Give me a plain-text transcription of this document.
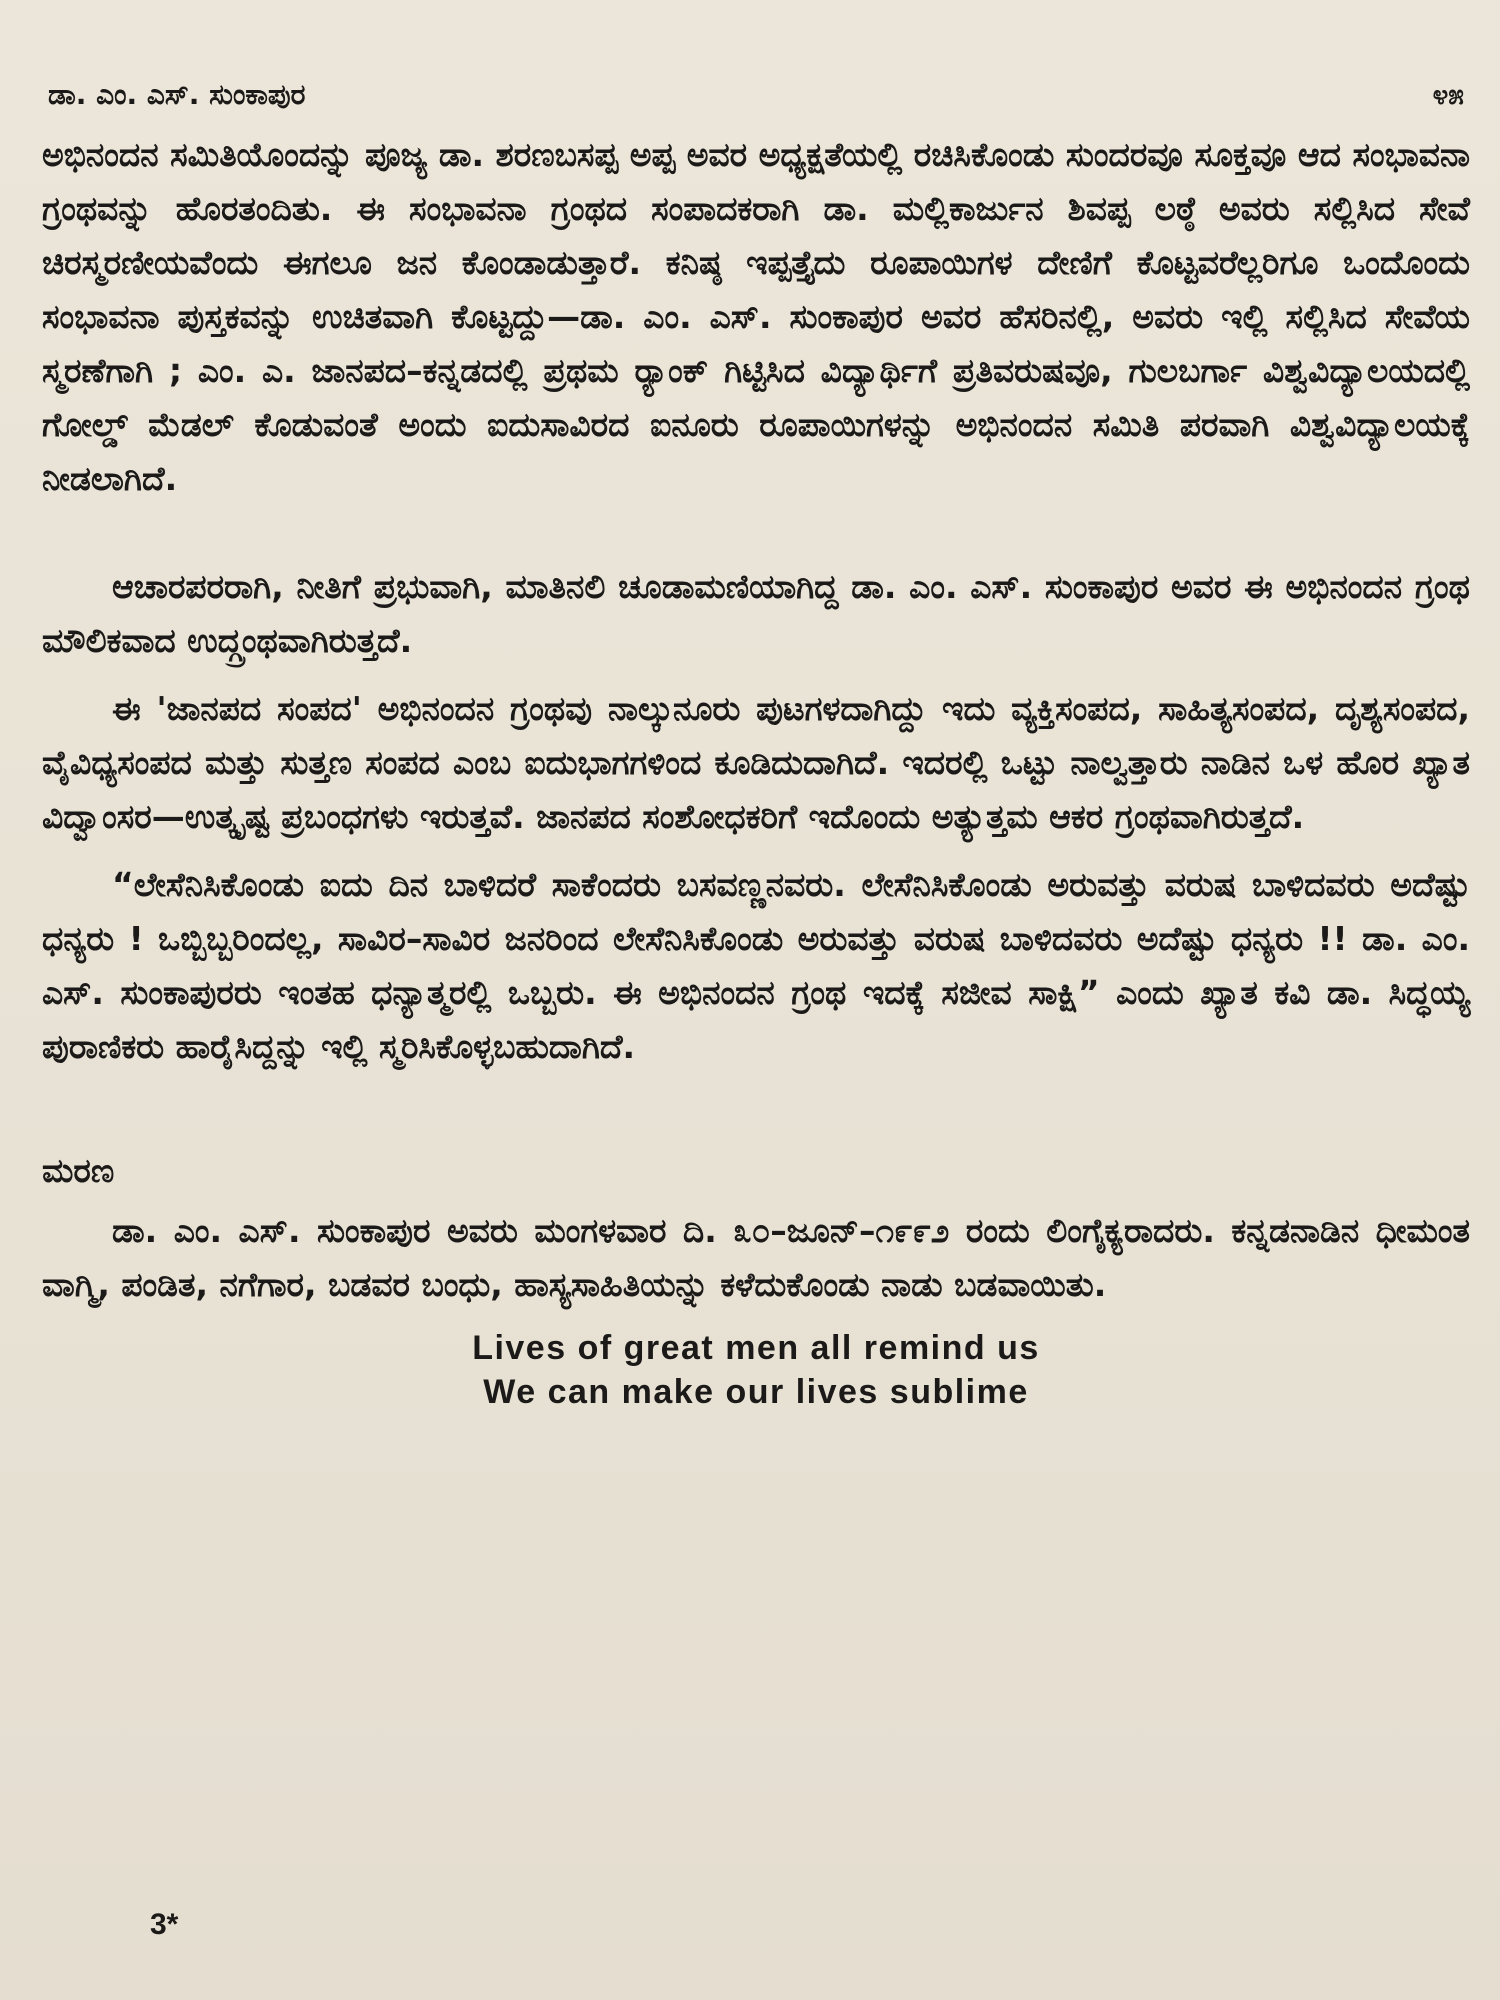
ಡಾ. ಎಂ. ಎಸ್. ಸುಂಕಾಪುರ	೪೫

ಅಭಿನಂದನ ಸಮಿತಿಯೊಂದನ್ನು ಪೂಜ್ಯ ಡಾ. ಶರಣಬಸಪ್ಪ ಅಪ್ಪ ಅವರ ಅಧ್ಯಕ್ಷತೆಯಲ್ಲಿ ರಚಿಸಿಕೊಂಡು ಸುಂದರವೂ ಸೂಕ್ತವೂ ಆದ ಸಂಭಾವನಾ ಗ್ರಂಥವನ್ನು ಹೊರತಂದಿತು. ಈ ಸಂಭಾವನಾ ಗ್ರಂಥದ ಸಂಪಾದಕರಾಗಿ ಡಾ. ಮಲ್ಲಿಕಾರ್ಜುನ ಶಿವಪ್ಪ ಲಠ್ಠೆ ಅವರು ಸಲ್ಲಿಸಿದ ಸೇವೆ ಚಿರಸ್ಮರಣೀಯವೆಂದು ಈಗಲೂ ಜನ ಕೊಂಡಾಡುತ್ತಾರೆ. ಕನಿಷ್ಠ ಇಪ್ಪತ್ತೈದು ರೂಪಾಯಿಗಳ ದೇಣಿಗೆ ಕೊಟ್ಟವರೆಲ್ಲರಿಗೂ ಒಂದೊಂದು ಸಂಭಾವನಾ ಪುಸ್ತಕವನ್ನು ಉಚಿತವಾಗಿ ಕೊಟ್ಟದ್ದು—ಡಾ. ಎಂ. ಎಸ್. ಸುಂಕಾಪುರ ಅವರ ಹೆಸರಿನಲ್ಲಿ, ಅವರು ಇಲ್ಲಿ ಸಲ್ಲಿಸಿದ ಸೇವೆಯ ಸ್ಮರಣೆಗಾಗಿ ; ಎಂ. ಎ. ಜಾನಪದ–ಕನ್ನಡದಲ್ಲಿ ಪ್ರಥಮ ರ್‍ಯಾಂಕ್ ಗಿಟ್ಟಿಸಿದ ವಿದ್ಯಾರ್ಥಿಗೆ ಪ್ರತಿವರುಷವೂ, ಗುಲಬರ್ಗಾ ವಿಶ್ವವಿದ್ಯಾಲಯದಲ್ಲಿ ಗೋಲ್ಡ್ ಮೆಡಲ್ ಕೊಡುವಂತೆ ಅಂದು ಐದುಸಾವಿರದ ಐನೂರು ರೂಪಾಯಿಗಳನ್ನು ಅಭಿನಂದನ ಸಮಿತಿ ಪರವಾಗಿ ವಿಶ್ವವಿದ್ಯಾಲಯಕ್ಕೆ ನೀಡಲಾಗಿದೆ.

ಆಚಾರಪರರಾಗಿ, ನೀತಿಗೆ ಪ್ರಭುವಾಗಿ, ಮಾತಿನಲಿ ಚೂಡಾಮಣಿಯಾಗಿದ್ದ ಡಾ. ಎಂ. ಎಸ್. ಸುಂಕಾಪುರ ಅವರ ಈ ಅಭಿನಂದನ ಗ್ರಂಥ ಮೌಲಿಕವಾದ ಉದ್ಗ್ರಂಥವಾಗಿರುತ್ತದೆ.

ಈ 'ಜಾನಪದ ಸಂಪದ' ಅಭಿನಂದನ ಗ್ರಂಥವು ನಾಲ್ಕುನೂರು ಪುಟಗಳದಾಗಿದ್ದು ಇದು ವ್ಯಕ್ತಿಸಂಪದ, ಸಾಹಿತ್ಯಸಂಪದ, ದೃಶ್ಯಸಂಪದ, ವೈವಿಧ್ಯಸಂಪದ ಮತ್ತು ಸುತ್ತಣ ಸಂಪದ ಎಂಬ ಐದುಭಾಗಗಳಿಂದ ಕೂಡಿದುದಾಗಿದೆ. ಇದರಲ್ಲಿ ಒಟ್ಟು ನಾಲ್ವತ್ತಾರು ನಾಡಿನ ಒಳ ಹೊರ ಖ್ಯಾತ ವಿದ್ವಾಂಸರ—ಉತ್ಕೃಷ್ಟ ಪ್ರಬಂಧಗಳು ಇರುತ್ತವೆ. ಜಾನಪದ ಸಂಶೋಧಕರಿಗೆ ಇದೊಂದು ಅತ್ಯುತ್ತಮ ಆಕರ ಗ್ರಂಥವಾಗಿರುತ್ತದೆ.

“ಲೇಸೆನಿಸಿಕೊಂಡು ಐದು ದಿನ ಬಾಳಿದರೆ ಸಾಕೆಂದರು ಬಸವಣ್ಣನವರು. ಲೇಸೆನಿಸಿಕೊಂಡು ಅರುವತ್ತು ವರುಷ ಬಾಳಿದವರು ಅದೆಷ್ಟು ಧನ್ಯರು ! ಒಬ್ಬಿಬ್ಬರಿಂದಲ್ಲ, ಸಾವಿರ–ಸಾವಿರ ಜನರಿಂದ ಲೇಸೆನಿಸಿಕೊಂಡು ಅರುವತ್ತು ವರುಷ ಬಾಳಿದವರು ಅದೆಷ್ಟು ಧನ್ಯರು !! ಡಾ. ಎಂ. ಎಸ್. ಸುಂಕಾಪುರರು ಇಂತಹ ಧನ್ಯಾತ್ಮರಲ್ಲಿ ಒಬ್ಬರು. ಈ ಅಭಿನಂದನ ಗ್ರಂಥ ಇದಕ್ಕೆ ಸಜೀವ ಸಾಕ್ಷಿ” ಎಂದು ಖ್ಯಾತ ಕವಿ ಡಾ. ಸಿದ್ಧಯ್ಯ ಪುರಾಣಿಕರು ಹಾರೈಸಿದ್ದನ್ನು ಇಲ್ಲಿ ಸ್ಮರಿಸಿಕೊಳ್ಳಬಹುದಾಗಿದೆ.

ಮರಣ

ಡಾ. ಎಂ. ಎಸ್. ಸುಂಕಾಪುರ ಅವರು ಮಂಗಳವಾರ ದಿ. ೩೦–ಜೂನ್–೧೯೯೨ ರಂದು ಲಿಂಗೈಕ್ಯರಾದರು. ಕನ್ನಡನಾಡಿನ ಧೀಮಂತ ವಾಗ್ಮಿ, ಪಂಡಿತ, ನಗೆಗಾರ, ಬಡವರ ಬಂಧು, ಹಾಸ್ಯಸಾಹಿತಿಯನ್ನು ಕಳೆದುಕೊಂಡು ನಾಡು ಬಡವಾಯಿತು.

Lives of great men all remind us
We can make our lives sublime
3*
